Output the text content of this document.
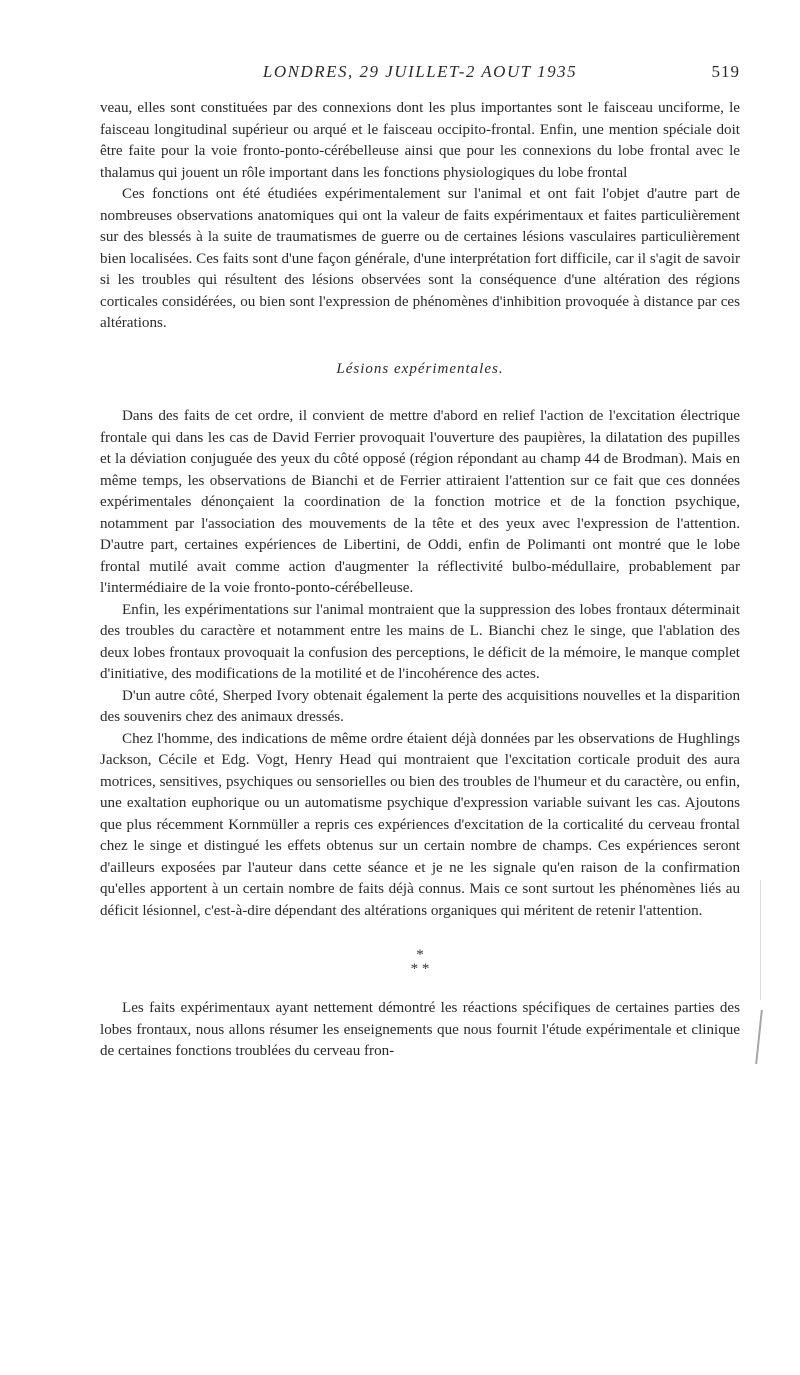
LONDRES, 29 JUILLET-2 AOUT 1935	519

veau, elles sont constituées par des connexions dont les plus importantes sont le faisceau unciforme, le faisceau longitudinal supérieur ou arqué et le faisceau occipito-frontal. Enfin, une mention spéciale doit être faite pour la voie fronto-ponto-cérébelleuse ainsi que pour les connexions du lobe frontal avec le thalamus qui jouent un rôle important dans les fonctions physiologiques du lobe frontal

Ces fonctions ont été étudiées expérimentalement sur l'animal et ont fait l'objet d'autre part de nombreuses observations anatomiques qui ont la valeur de faits expérimentaux et faites particulièrement sur des blessés à la suite de traumatismes de guerre ou de certaines lésions vasculaires particulièrement bien localisées. Ces faits sont d'une façon générale, d'une interprétation fort difficile, car il s'agit de savoir si les troubles qui résultent des lésions observées sont la conséquence d'une altération des régions corticales considérées, ou bien sont l'expression de phénomènes d'inhibition provoquée à distance par ces altérations.

Lésions expérimentales.

Dans des faits de cet ordre, il convient de mettre d'abord en relief l'action de l'excitation électrique frontale qui dans les cas de David Ferrier provoquait l'ouverture des paupières, la dilatation des pupilles et la déviation conjuguée des yeux du côté opposé (région répondant au champ 44 de Brodman). Mais en même temps, les observations de Bianchi et de Ferrier attiraient l'attention sur ce fait que ces données expérimentales dénonçaient la coordination de la fonction motrice et de la fonction psychique, notamment par l'association des mouvements de la tête et des yeux avec l'expression de l'attention. D'autre part, certaines expériences de Libertini, de Oddi, enfin de Polimanti ont montré que le lobe frontal mutilé avait comme action d'augmenter la réflectivité bulbo-médullaire, probablement par l'intermédiaire de la voie fronto-ponto-cérébelleuse.

Enfin, les expérimentations sur l'animal montraient que la suppression des lobes frontaux déterminait des troubles du caractère et notamment entre les mains de L. Bianchi chez le singe, que l'ablation des deux lobes frontaux provoquait la confusion des perceptions, le déficit de la mémoire, le manque complet d'initiative, des modifications de la motilité et de l'incohérence des actes.

D'un autre côté, Sherped Ivory obtenait également la perte des acquisitions nouvelles et la disparition des souvenirs chez des animaux dressés.

Chez l'homme, des indications de même ordre étaient déjà données par les observations de Hughlings Jackson, Cécile et Edg. Vogt, Henry Head qui montraient que l'excitation corticale produit des aura motrices, sensitives, psychiques ou sensorielles ou bien des troubles de l'humeur et du caractère, ou enfin, une exaltation euphorique ou un automatisme psychique d'expression variable suivant les cas. Ajoutons que plus récemment Kornmüller a repris ces expériences d'excitation de la corticalité du cerveau frontal chez le singe et distingué les effets obtenus sur un certain nombre de champs. Ces expériences seront d'ailleurs exposées par l'auteur dans cette séance et je ne les signale qu'en raison de la confirmation qu'elles apportent à un certain nombre de faits déjà connus. Mais ce sont surtout les phénomènes liés au déficit lésionnel, c'est-à-dire dépendant des altérations organiques qui méritent de retenir l'attention.

*
* *

Les faits expérimentaux ayant nettement démontré les réactions spécifiques de certaines parties des lobes frontaux, nous allons résumer les enseignements que nous fournit l'étude expérimentale et clinique de certaines fonctions troublées du cerveau fron-
